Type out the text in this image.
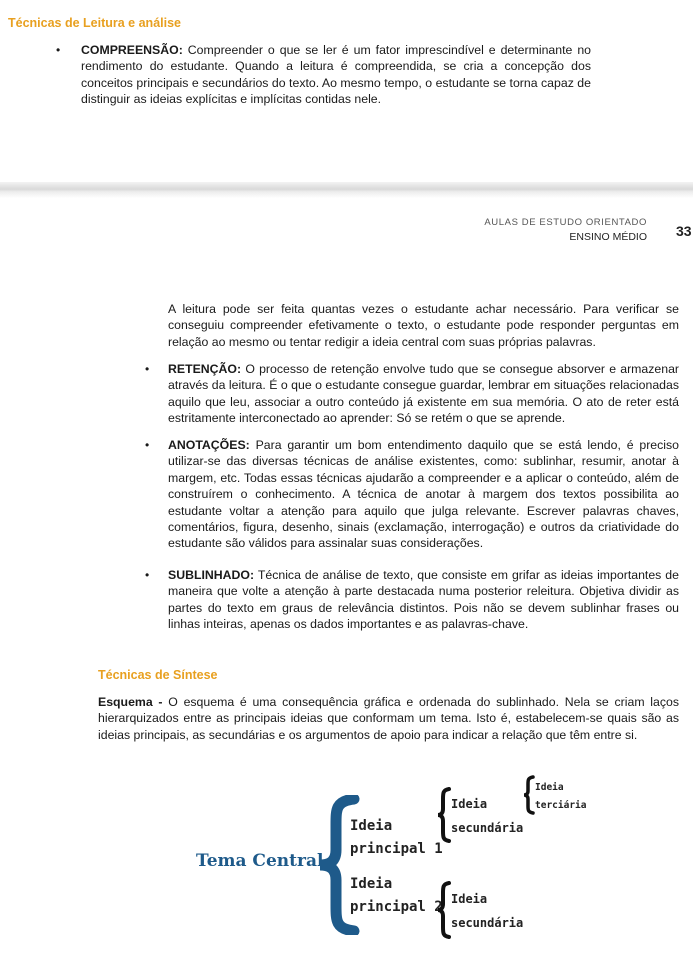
Técnicas de Leitura e análise
• COMPREENSÃO: Compreender o que se ler é um fator imprescindível e determinante no rendimento do estudante. Quando a leitura é compreendida, se cria a concepção dos conceitos principais e secundários do texto. Ao mesmo tempo, o estudante se torna capaz de distinguir as ideias explícitas e implícitas contidas nele.
AULAS DE ESTUDO ORIENTADO
ENSINO MÉDIO 33
A leitura pode ser feita quantas vezes o estudante achar necessário. Para verificar se conseguiu compreender efetivamente o texto, o estudante pode responder perguntas em relação ao mesmo ou tentar redigir a ideia central com suas próprias palavras.
• RETENÇÃO: O processo de retenção envolve tudo que se consegue absorver e armazenar através da leitura. É o que o estudante consegue guardar, lembrar em situações relacionadas aquilo que leu, associar a outro conteúdo já existente em sua memória. O ato de reter está estritamente interconectado ao aprender: Só se retém o que se aprende.
• ANOTAÇÕES: Para garantir um bom entendimento daquilo que se está lendo, é preciso utilizar-se das diversas técnicas de análise existentes, como: sublinhar, resumir, anotar à margem, etc. Todas essas técnicas ajudarão a compreender e a aplicar o conteúdo, além de construírem o conhecimento. A técnica de anotar à margem dos textos possibilita ao estudante voltar a atenção para aquilo que julga relevante. Escrever palavras chaves, comentários, figura, desenho, sinais (exclamação, interrogação) e outros da criatividade do estudante são válidos para assinalar suas considerações.
• SUBLINHADO: Técnica de análise de texto, que consiste em grifar as ideias importantes de maneira que volte a atenção à parte destacada numa posterior releitura. Objetiva dividir as partes do texto em graus de relevância distintos. Pois não se devem sublinhar frases ou linhas inteiras, apenas os dados importantes e as palavras-chave.
Técnicas de Síntese
Esquema - O esquema é uma consequência gráfica e ordenada do sublinhado. Nela se criam laços hierarquizados entre as principais ideias que conformam um tema. Isto é, estabelecem-se quais são as ideias principais, as secundárias e os argumentos de apoio para indicar a relação que têm entre si.
Tema Central
Ideia
principal 1
Ideia
principal 2
Ideia
secundária
Ideia
terciária
Ideia
secundária
